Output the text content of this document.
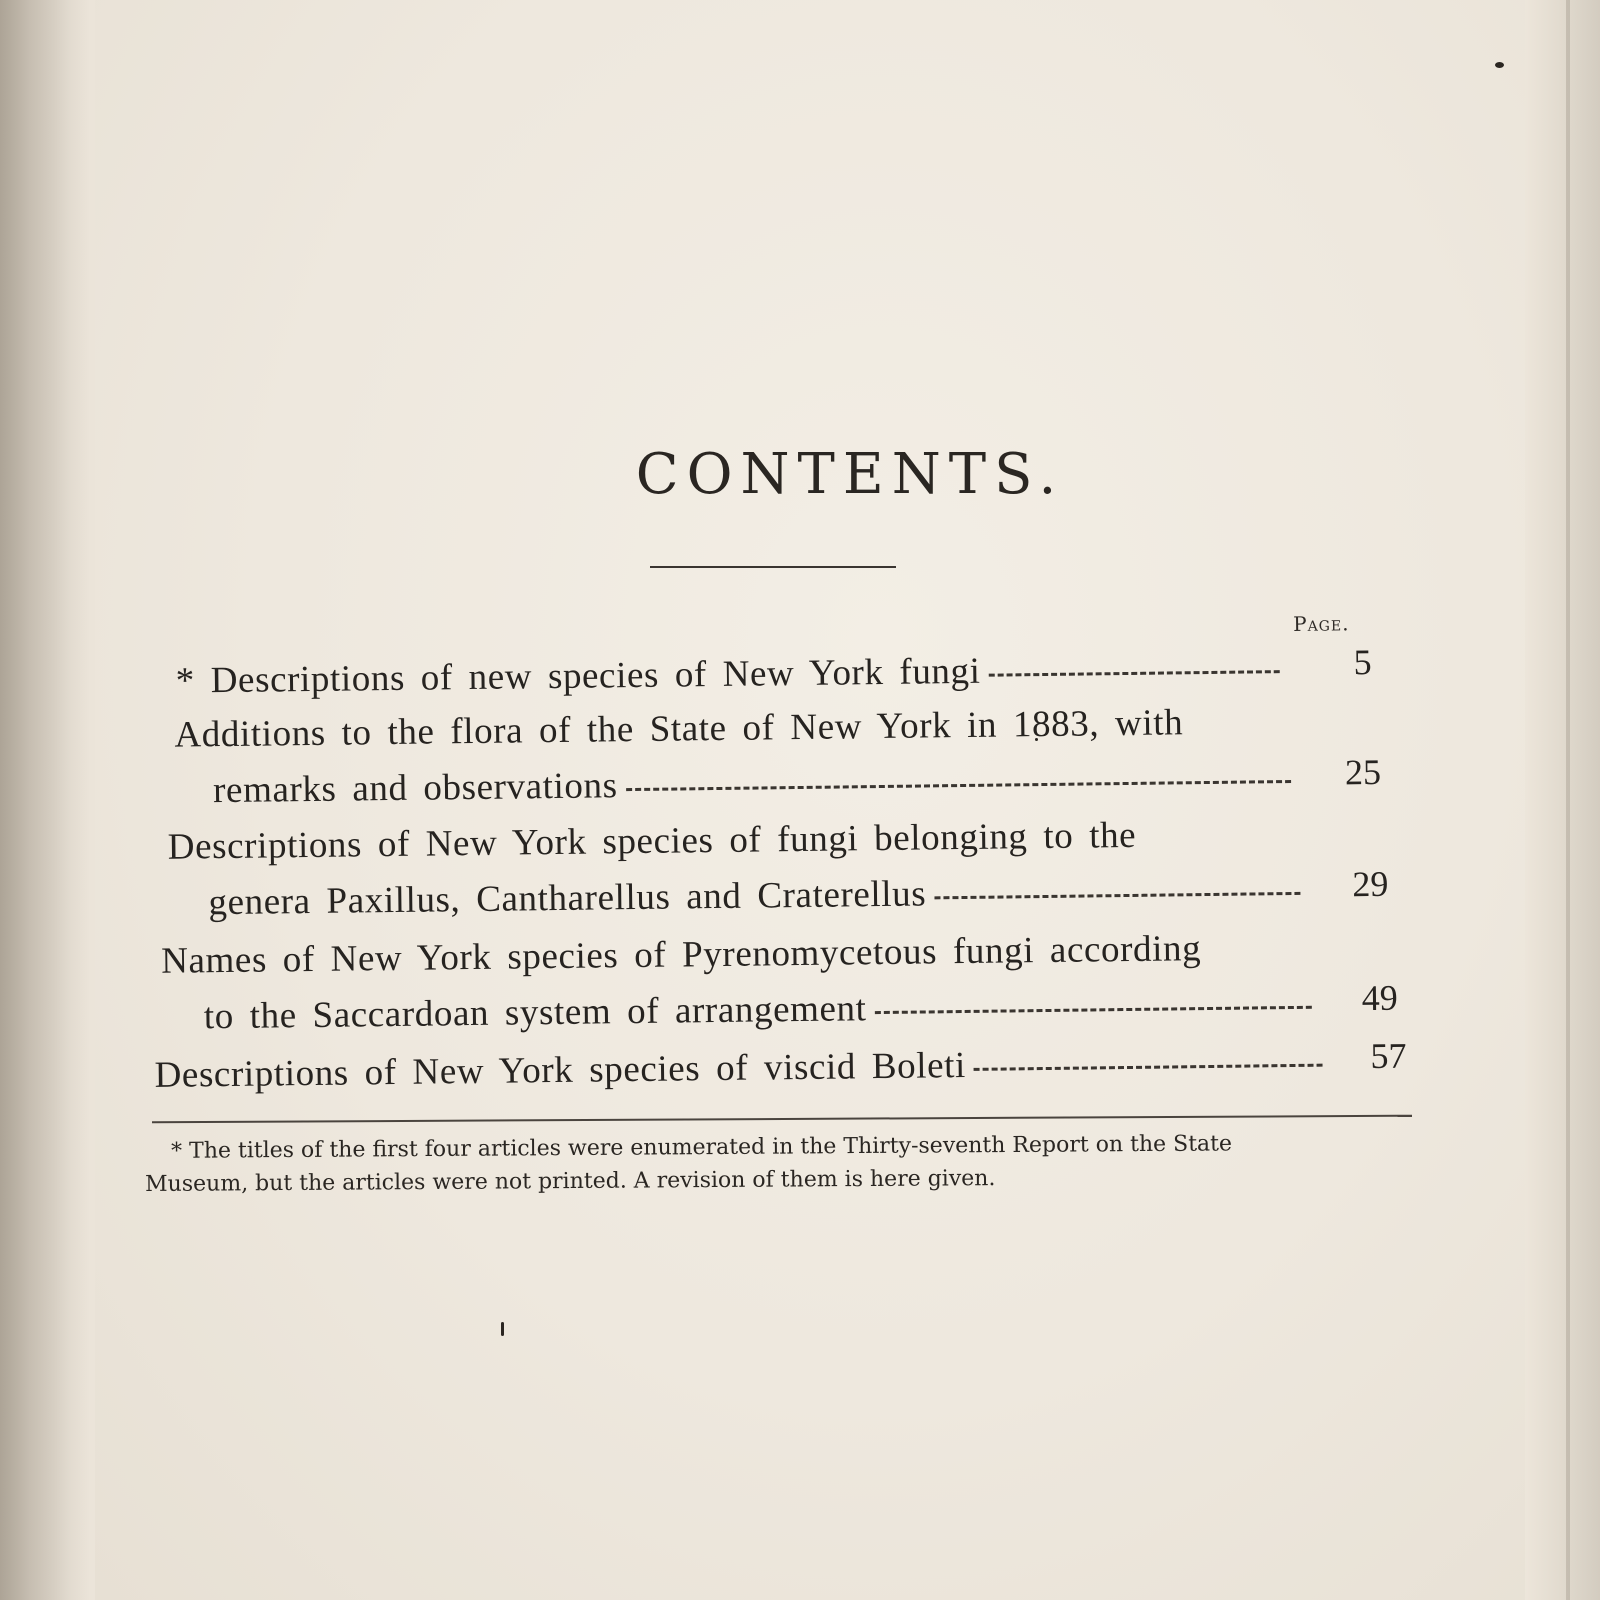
CONTENTS.
Page.
* Descriptions of new species of New York fungi	5
Additions to the flora of the State of New York in 1883, with
remarks and observations	25
Descriptions of New York species of fungi belonging to the
genera Paxillus, Cantharellus and Craterellus	29
Names of New York species of Pyrenomycetous fungi according
to the Saccardoan system of arrangement	49
Descriptions of New York species of viscid Boleti	57
* The titles of the first four articles were enumerated in the Thirty-seventh Report on the State
Museum, but the articles were not printed. A revision of them is here given.
